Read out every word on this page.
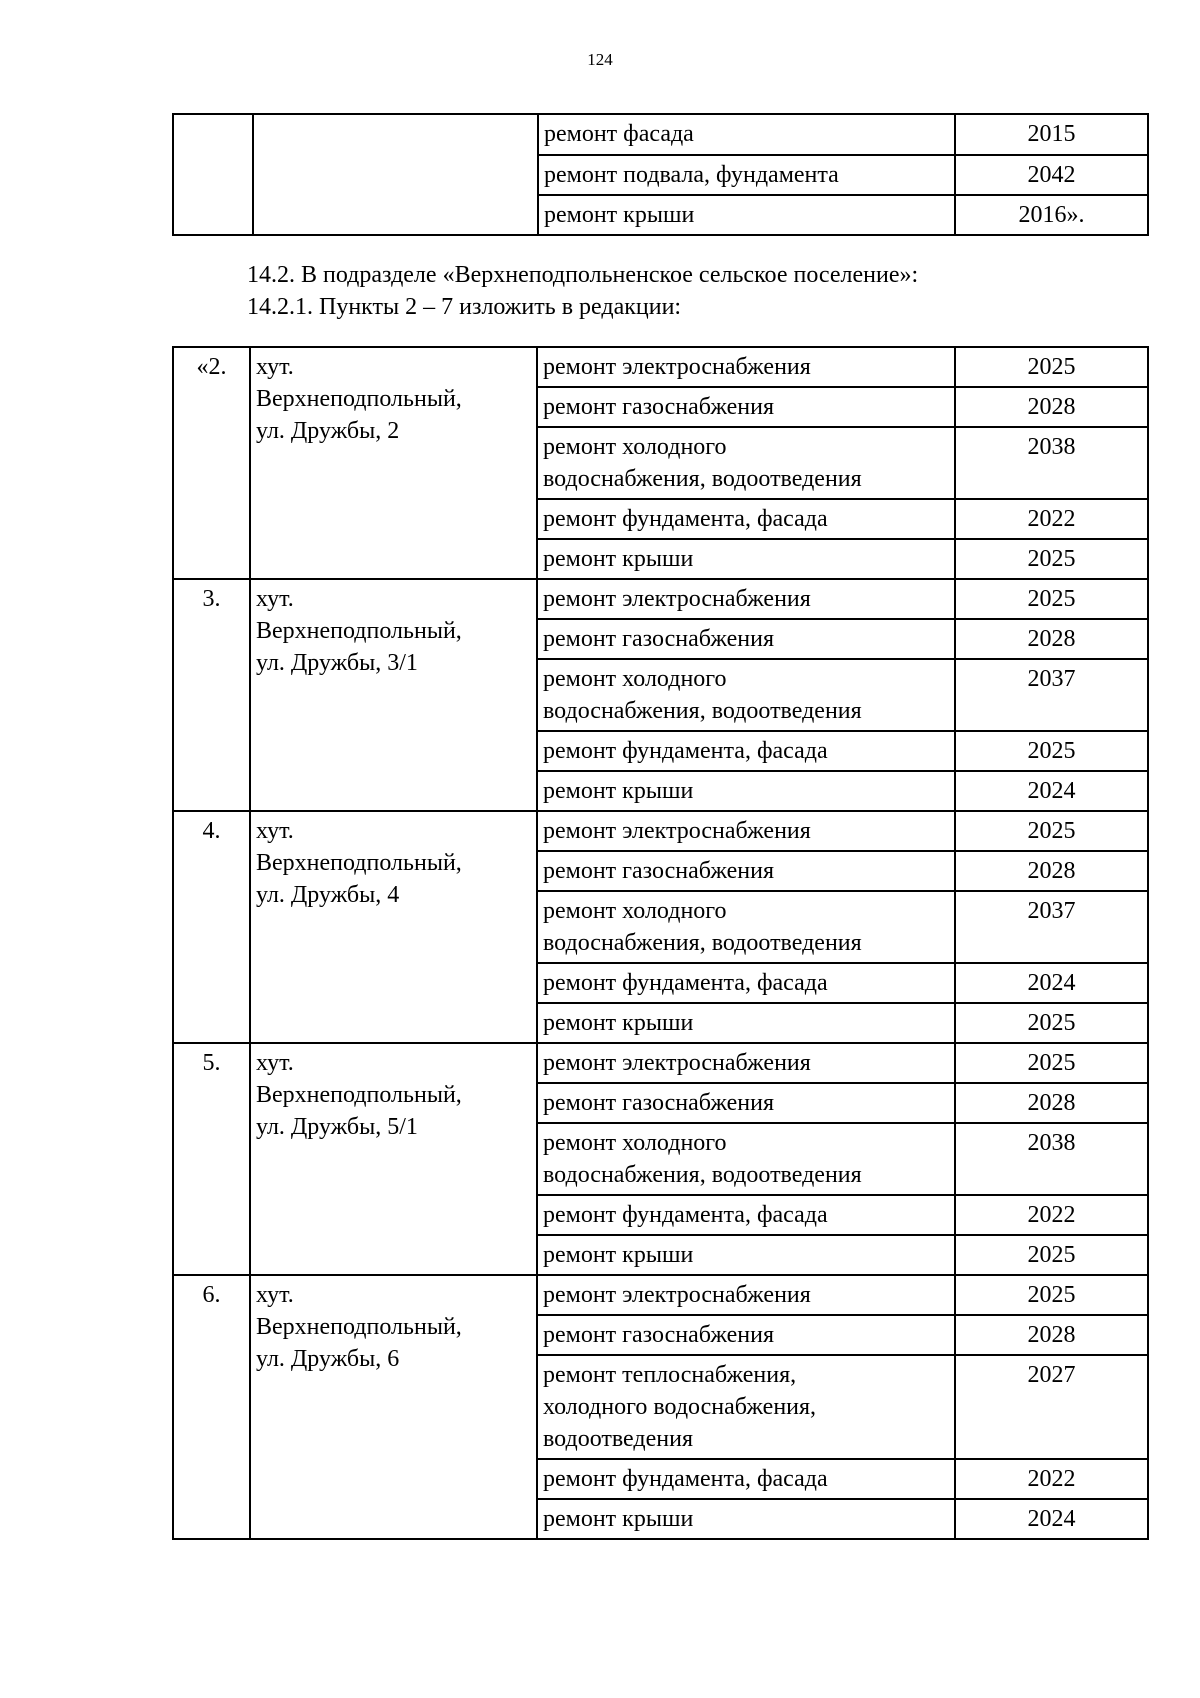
124
		ремонт фасада	2015
		ремонт подвала, фундамента	2042
		ремонт крыши	2016».
14.2. В подразделе «Верхнеподпольненское сельское поселение»:
14.2.1. Пункты 2 – 7 изложить в редакции:
«2.	хут.
Верхнеподпольный,
ул. Дружбы, 2	ремонт электроснабжения	2025
		ремонт газоснабжения	2028
		ремонт холодного
водоснабжения, водоотведения	2038
		ремонт фундамента, фасада	2022
		ремонт крыши	2025
3.	хут.
Верхнеподпольный,
ул. Дружбы, 3/1	ремонт электроснабжения	2025
		ремонт газоснабжения	2028
		ремонт холодного
водоснабжения, водоотведения	2037
		ремонт фундамента, фасада	2025
		ремонт крыши	2024
4.	хут.
Верхнеподпольный,
ул. Дружбы, 4	ремонт электроснабжения	2025
		ремонт газоснабжения	2028
		ремонт холодного
водоснабжения, водоотведения	2037
		ремонт фундамента, фасада	2024
		ремонт крыши	2025
5.	хут.
Верхнеподпольный,
ул. Дружбы, 5/1	ремонт электроснабжения	2025
		ремонт газоснабжения	2028
		ремонт холодного
водоснабжения, водоотведения	2038
		ремонт фундамента, фасада	2022
		ремонт крыши	2025
6.	хут.
Верхнеподпольный,
ул. Дружбы, 6	ремонт электроснабжения	2025
		ремонт газоснабжения	2028
		ремонт теплоснабжения,
холодного водоснабжения,
водоотведения	2027
		ремонт фундамента, фасада	2022
		ремонт крыши	2024
